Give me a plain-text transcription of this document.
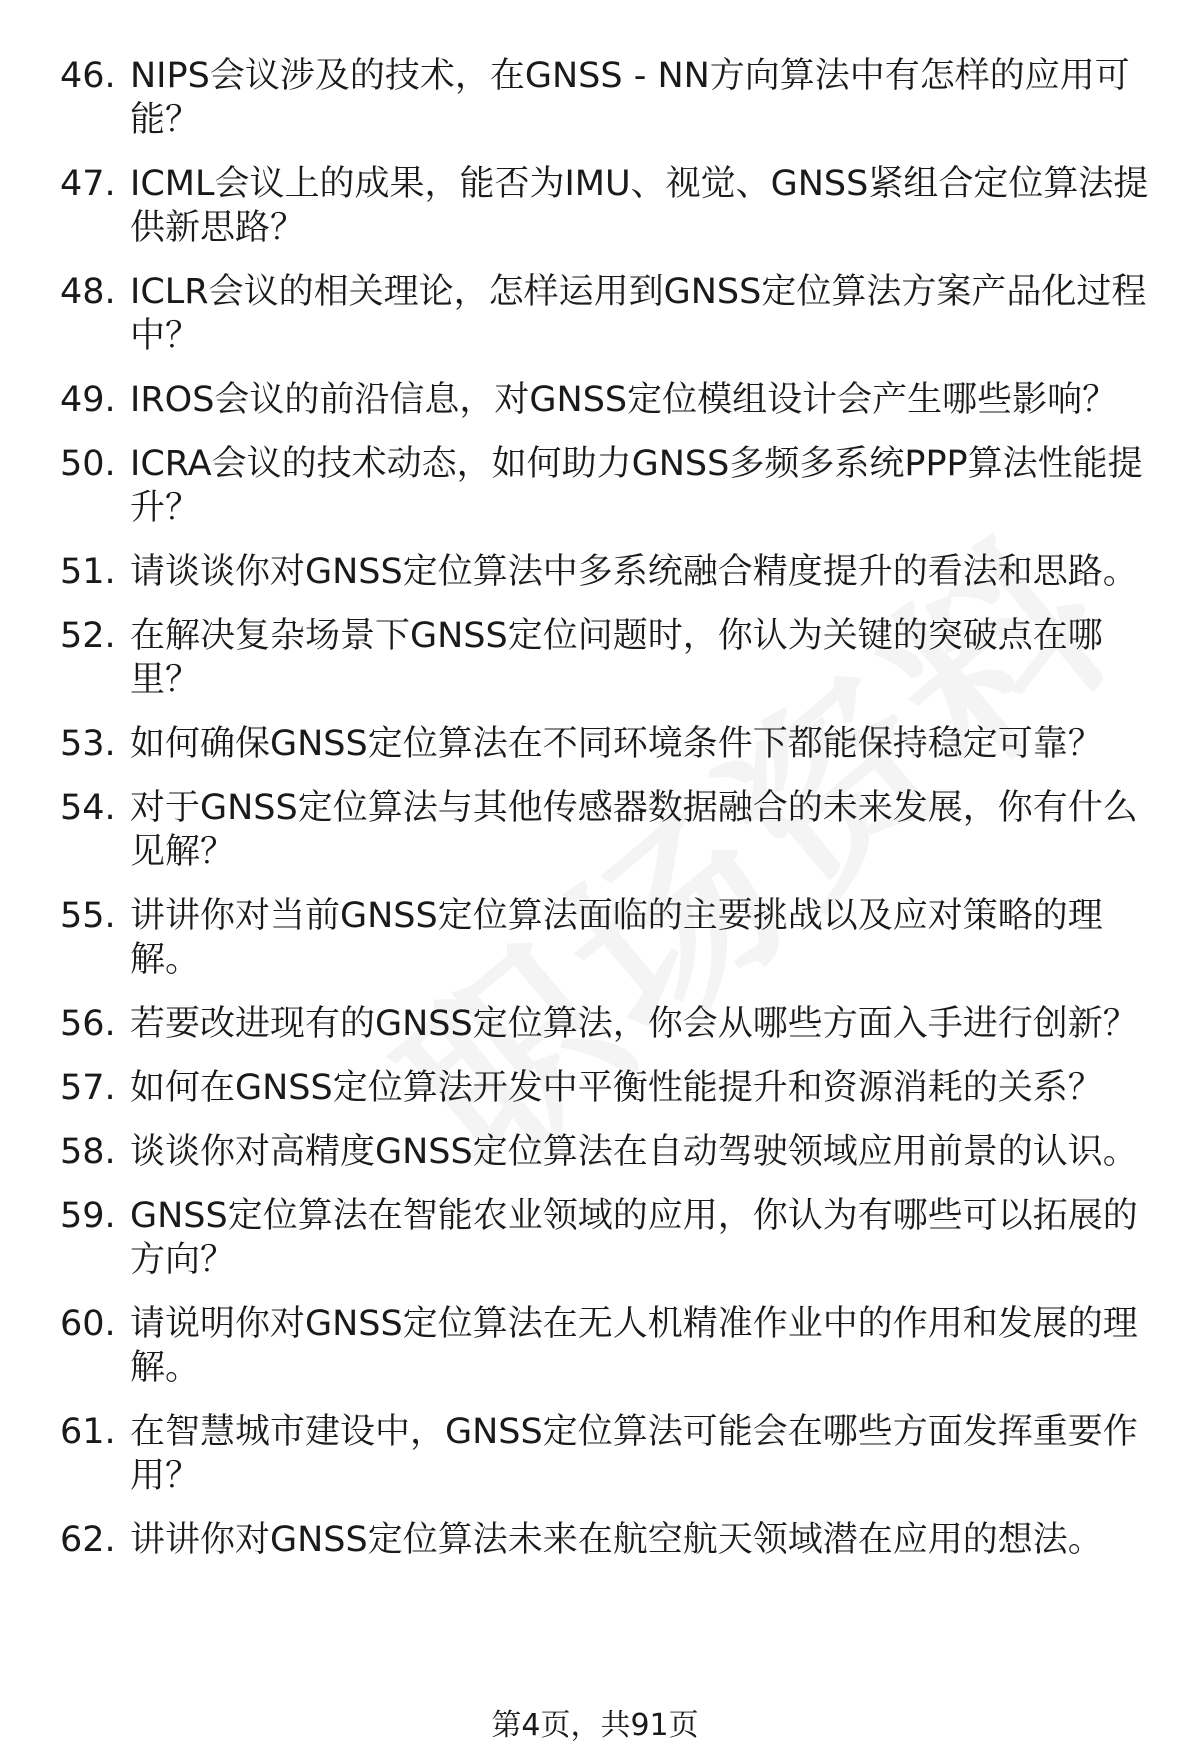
46. NIPS会议涉及的技术，在GNSS - NN方向算法中有怎样的应用可能？
47. ICML会议上的成果，能否为IMU、视觉、GNSS紧组合定位算法提供新思路？
48. ICLR会议的相关理论，怎样运用到GNSS定位算法方案产品化过程中？
49. IROS会议的前沿信息，对GNSS定位模组设计会产生哪些影响？
50. ICRA会议的技术动态，如何助力GNSS多频多系统PPP算法性能提升？
51. 请谈谈你对GNSS定位算法中多系统融合精度提升的看法和思路。
52. 在解决复杂场景下GNSS定位问题时，你认为关键的突破点在哪里？
53. 如何确保GNSS定位算法在不同环境条件下都能保持稳定可靠？
54. 对于GNSS定位算法与其他传感器数据融合的未来发展，你有什么见解？
55. 讲讲你对当前GNSS定位算法面临的主要挑战以及应对策略的理解。
56. 若要改进现有的GNSS定位算法，你会从哪些方面入手进行创新？
57. 如何在GNSS定位算法开发中平衡性能提升和资源消耗的关系？
58. 谈谈你对高精度GNSS定位算法在自动驾驶领域应用前景的认识。
59. GNSS定位算法在智能农业领域的应用，你认为有哪些可以拓展的方向？
60. 请说明你对GNSS定位算法在无人机精准作业中的作用和发展的理解。
61. 在智慧城市建设中，GNSS定位算法可能会在哪些方面发挥重要作用？
62. 讲讲你对GNSS定位算法未来在航空航天领域潜在应用的想法。
第4页，共91页
